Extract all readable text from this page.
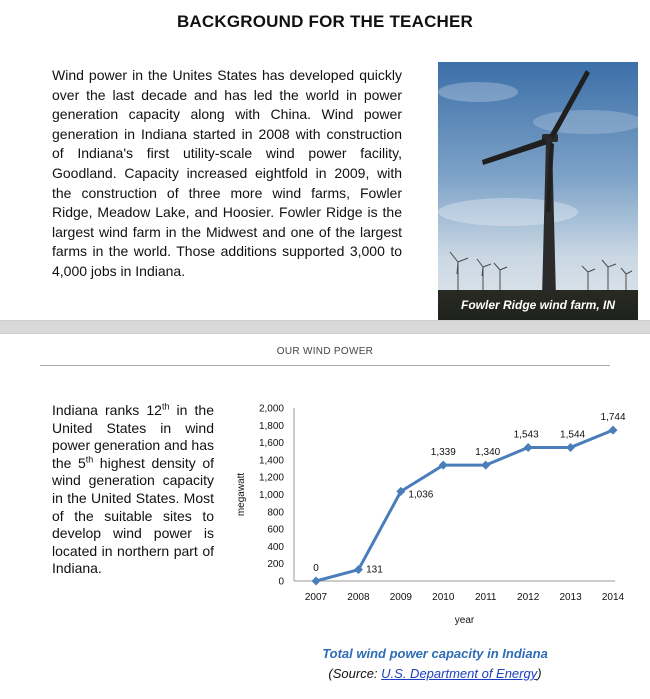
BACKGROUND FOR THE TEACHER
Wind power in the Unites States has developed quickly over the last decade and has led the world in power generation capacity along with China. Wind power generation in Indiana started in 2008 with construction of Indiana's first utility-scale wind power facility, Goodland. Capacity increased eightfold in 2009, with the construction of three more wind farms, Fowler Ridge, Meadow Lake, and Hoosier. Fowler Ridge is the largest wind farm in the Midwest and one of the largest farms in the world. Those additions supported 3,000 to 4,000 jobs in Indiana.
Fowler Ridge wind farm, IN
OUR WIND POWER
Indiana ranks 12th in the United States in wind power generation and has the 5th highest density of wind generation capacity in the United States. Most of the suitable sites to develop wind power is located in northern part of Indiana.
0
200
400
600
800
1,000
1,200
1,400
1,600
1,800
2,000
2007 2008 2009 2010 2011 2012 2013 2014
year
megawatt
0	131
1,036
1,339 1,340
1,543 1,544
1,744
Total wind power capacity in Indiana
(Source: U.S. Department of Energy)
